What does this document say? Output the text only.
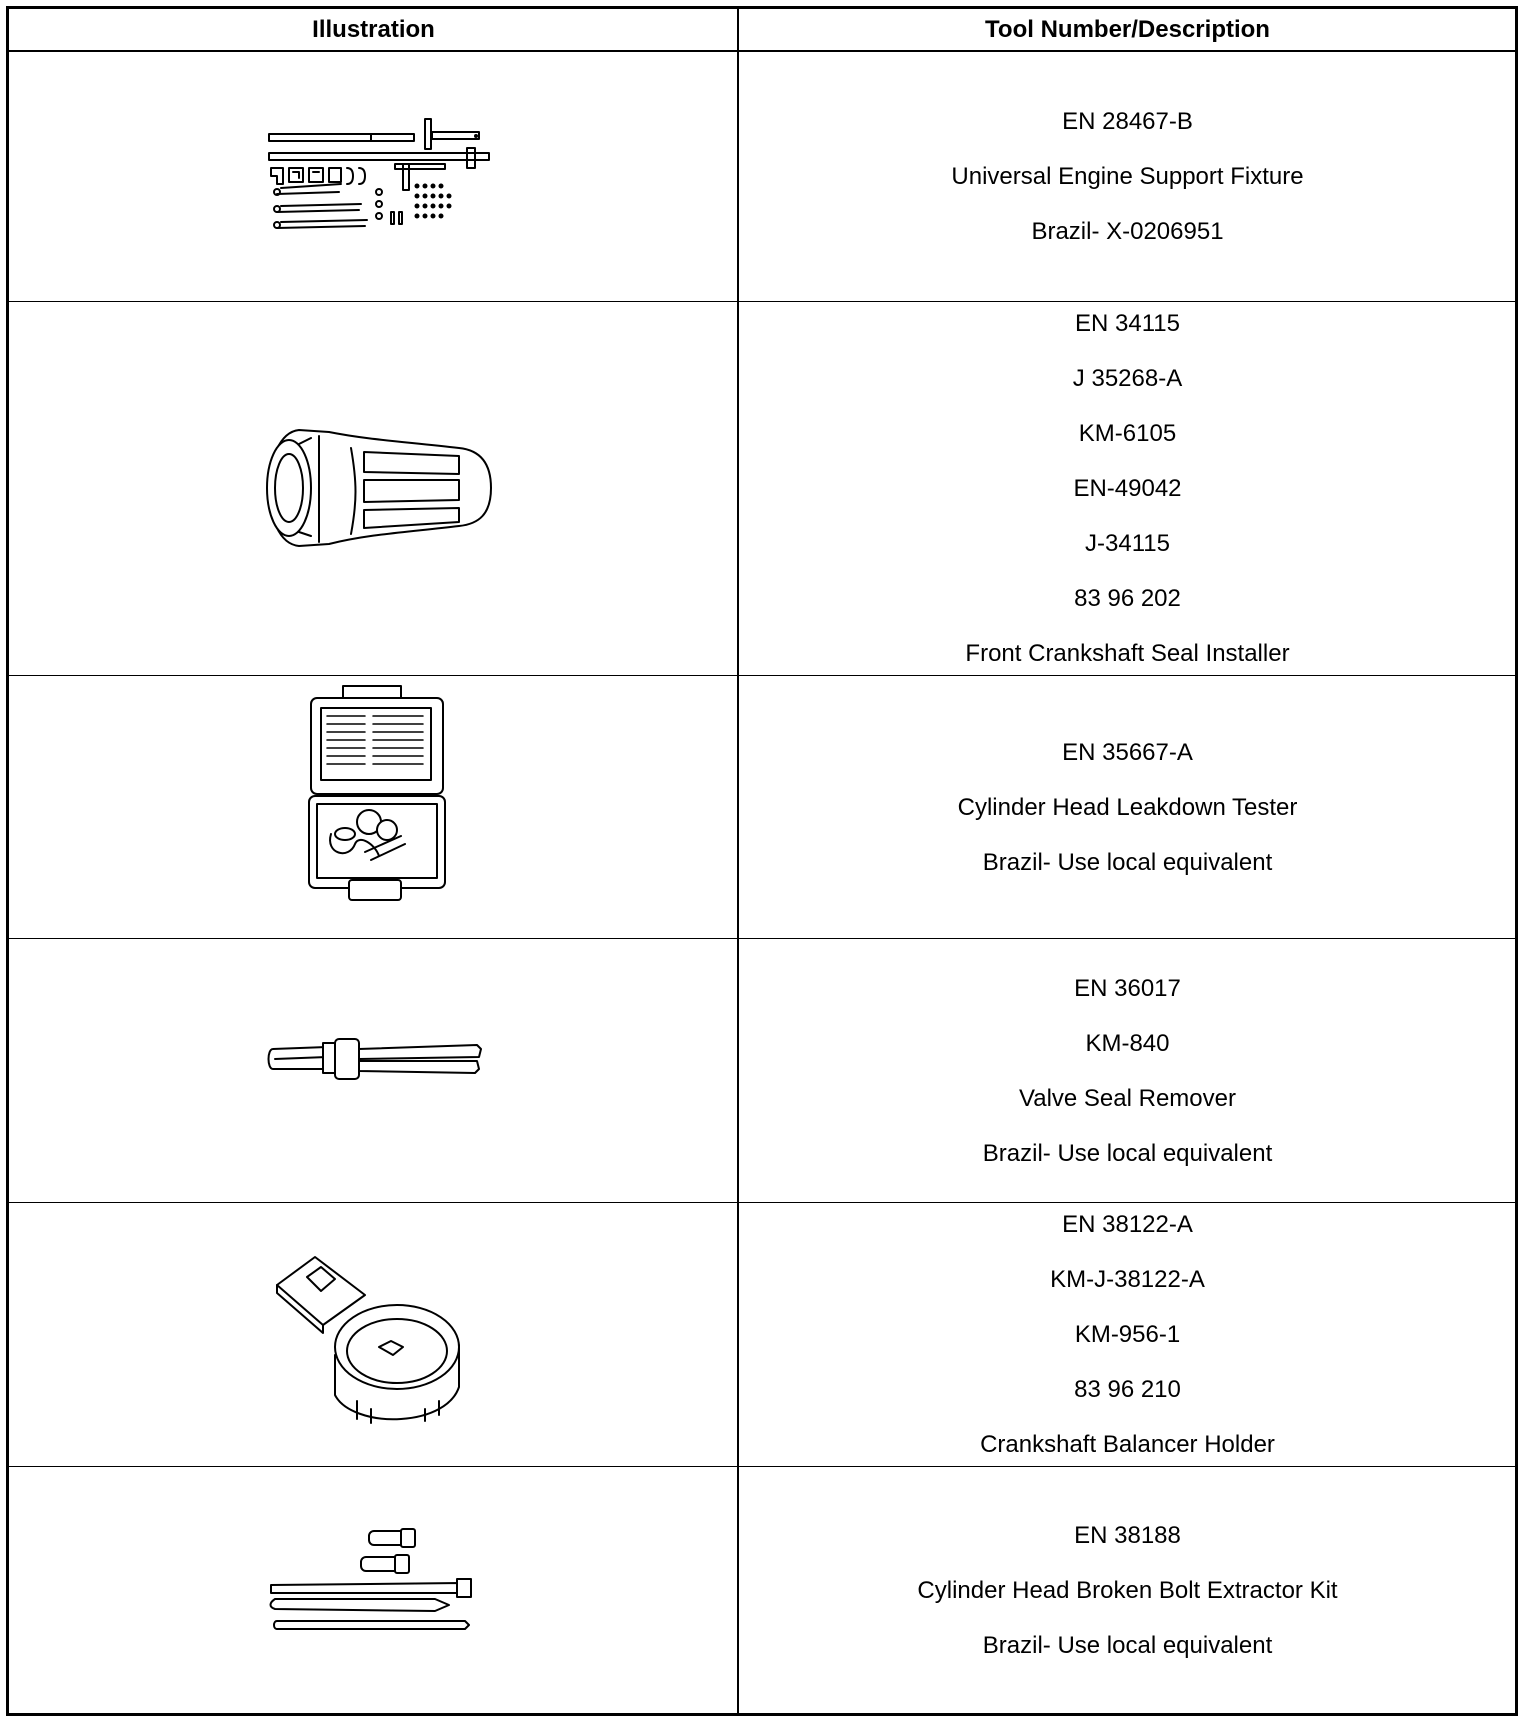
Illustration	Tool Number/Description
EN 28467-B
Universal Engine Support Fixture
Brazil- X-0206951
EN 34115
J 35268-A
KM-6105
EN-49042
J-34115
83 96 202
Front Crankshaft Seal Installer
EN 35667-A
Cylinder Head Leakdown Tester
Brazil- Use local equivalent
EN 36017
KM-840
Valve Seal Remover
Brazil- Use local equivalent
EN 38122-A
KM-J-38122-A
KM-956-1
83 96 210
Crankshaft Balancer Holder
EN 38188
Cylinder Head Broken Bolt Extractor Kit
Brazil- Use local equivalent
